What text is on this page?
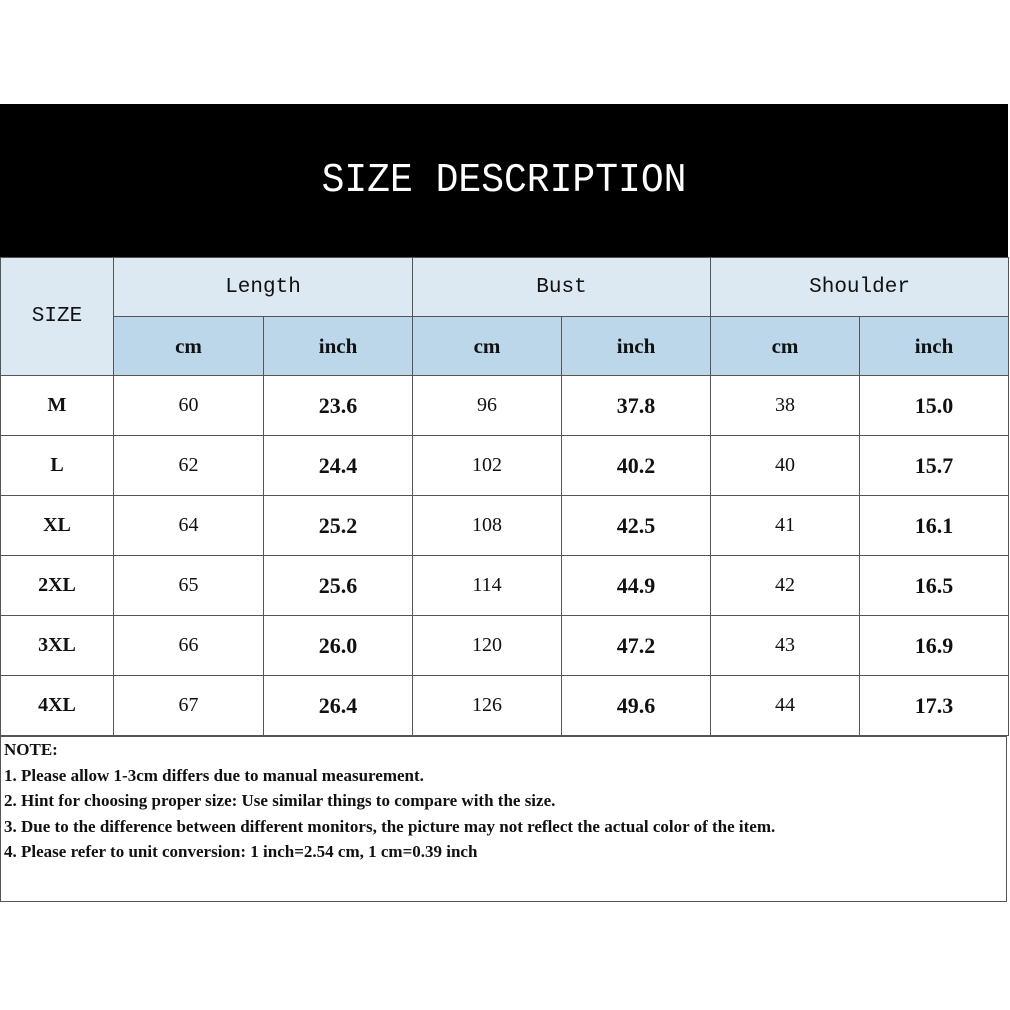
SIZE DESCRIPTION
SIZE	Length		Bust		Shoulder	
	cm	inch	cm	inch	cm	inch
M	60	23.6	96	37.8	38	15.0
L	62	24.4	102	40.2	40	15.7
XL	64	25.2	108	42.5	41	16.1
2XL	65	25.6	114	44.9	42	16.5
3XL	66	26.0	120	47.2	43	16.9
4XL	67	26.4	126	49.6	44	17.3
NOTE:
1. Please allow 1-3cm differs due to manual measurement.
2. Hint for choosing proper size: Use similar things to compare with the size.
3. Due to the difference between different monitors, the picture may not reflect the actual color of the item.
4. Please refer to unit conversion: 1 inch=2.54 cm, 1 cm=0.39 inch
